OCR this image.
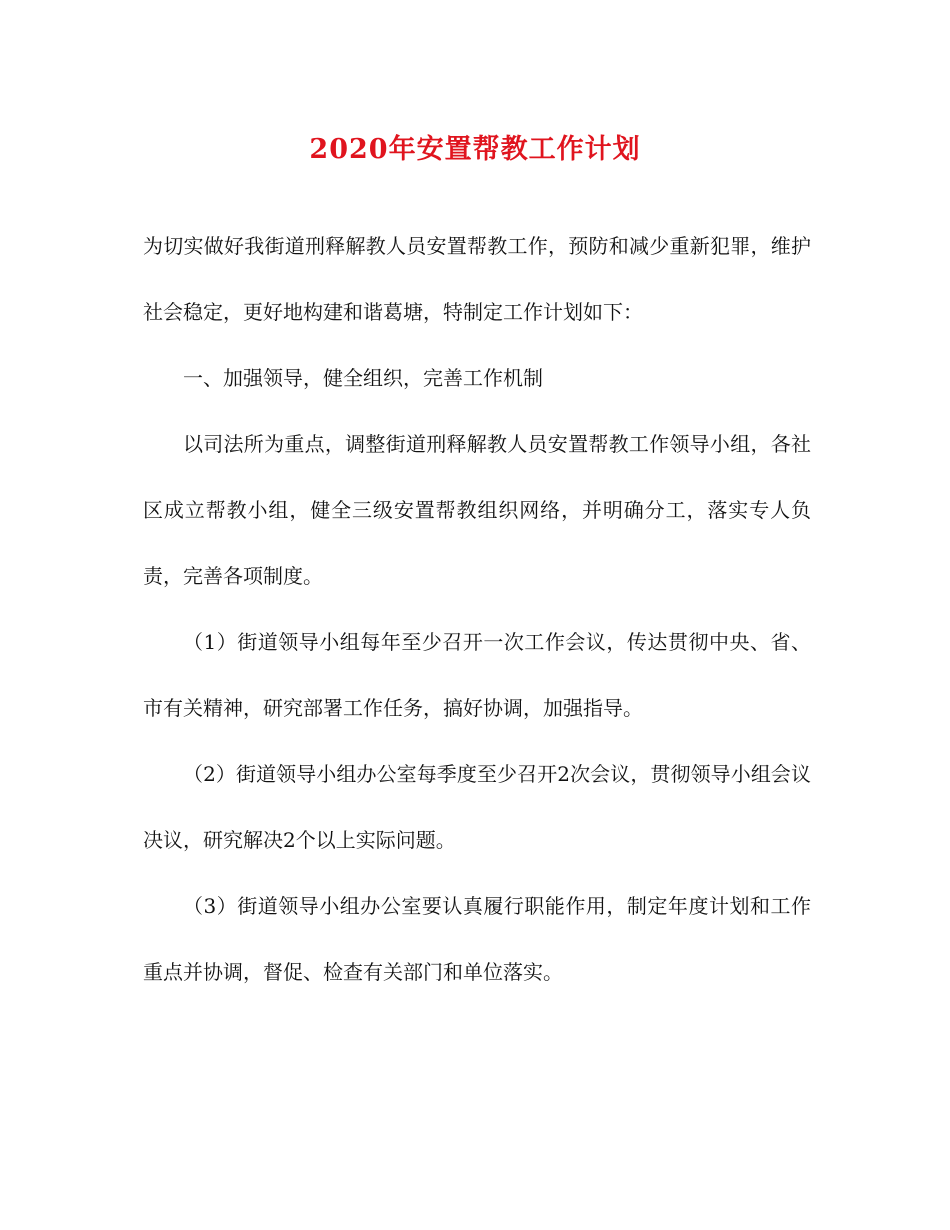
2020年安置帮教工作计划

为切实做好我街道刑释解教人员安置帮教工作，预防和减少重新犯罪，维护社会稳定，更好地构建和谐葛塘，特制定工作计划如下：

一、加强领导，健全组织，完善工作机制

以司法所为重点，调整街道刑释解教人员安置帮教工作领导小组，各社区成立帮教小组，健全三级安置帮教组织网络，并明确分工，落实专人负责，完善各项制度。

（1）街道领导小组每年至少召开一次工作会议，传达贯彻中央、省、市有关精神，研究部署工作任务，搞好协调，加强指导。

（2）街道领导小组办公室每季度至少召开2次会议，贯彻领导小组会议决议，研究解决2个以上实际问题。

（3）街道领导小组办公室要认真履行职能作用，制定年度计划和工作重点并协调，督促、检查有关部门和单位落实。
